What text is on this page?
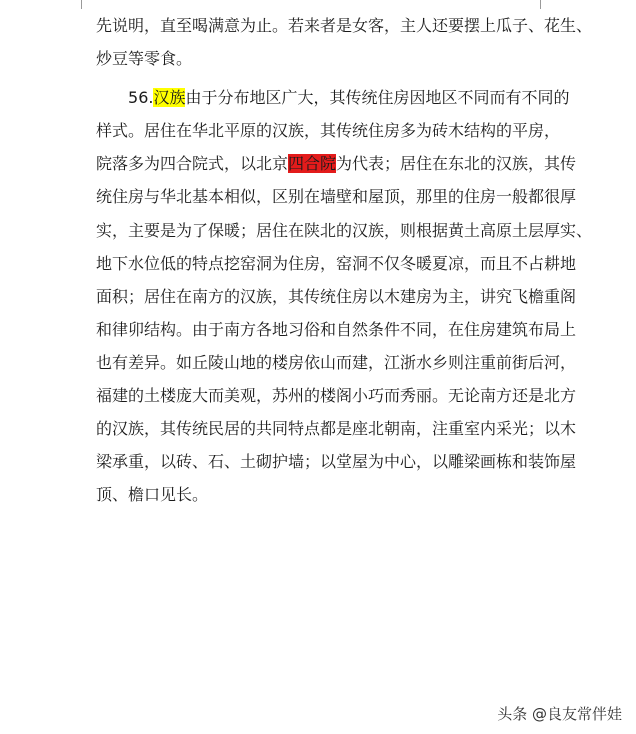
先说明，直至喝满意为止。若来者是女客，主人还要摆上瓜子、花生、
炒豆等零食。
　　56.汉族由于分布地区广大，其传统住房因地区不同而有不同的
样式。居住在华北平原的汉族，其传统住房多为砖木结构的平房，
院落多为四合院式，以北京四合院为代表；居住在东北的汉族，其传
统住房与华北基本相似，区别在墙壁和屋顶，那里的住房一般都很厚
实，主要是为了保暖；居住在陕北的汉族，则根据黄土高原土层厚实、
地下水位低的特点挖窑洞为住房，窑洞不仅冬暖夏凉，而且不占耕地
面积；居住在南方的汉族，其传统住房以木建房为主，讲究飞檐重阁
和律卯结构。由于南方各地习俗和自然条件不同，在住房建筑布局上
也有差异。如丘陵山地的楼房依山而建，江浙水乡则注重前街后河，
福建的土楼庞大而美观，苏州的楼阁小巧而秀丽。无论南方还是北方
的汉族，其传统民居的共同特点都是座北朝南，注重室内采光；以木
梁承重，以砖、石、土砌护墙；以堂屋为中心，以雕梁画栋和装饰屋
顶、檐口见长。
头条 @良友常伴娃
